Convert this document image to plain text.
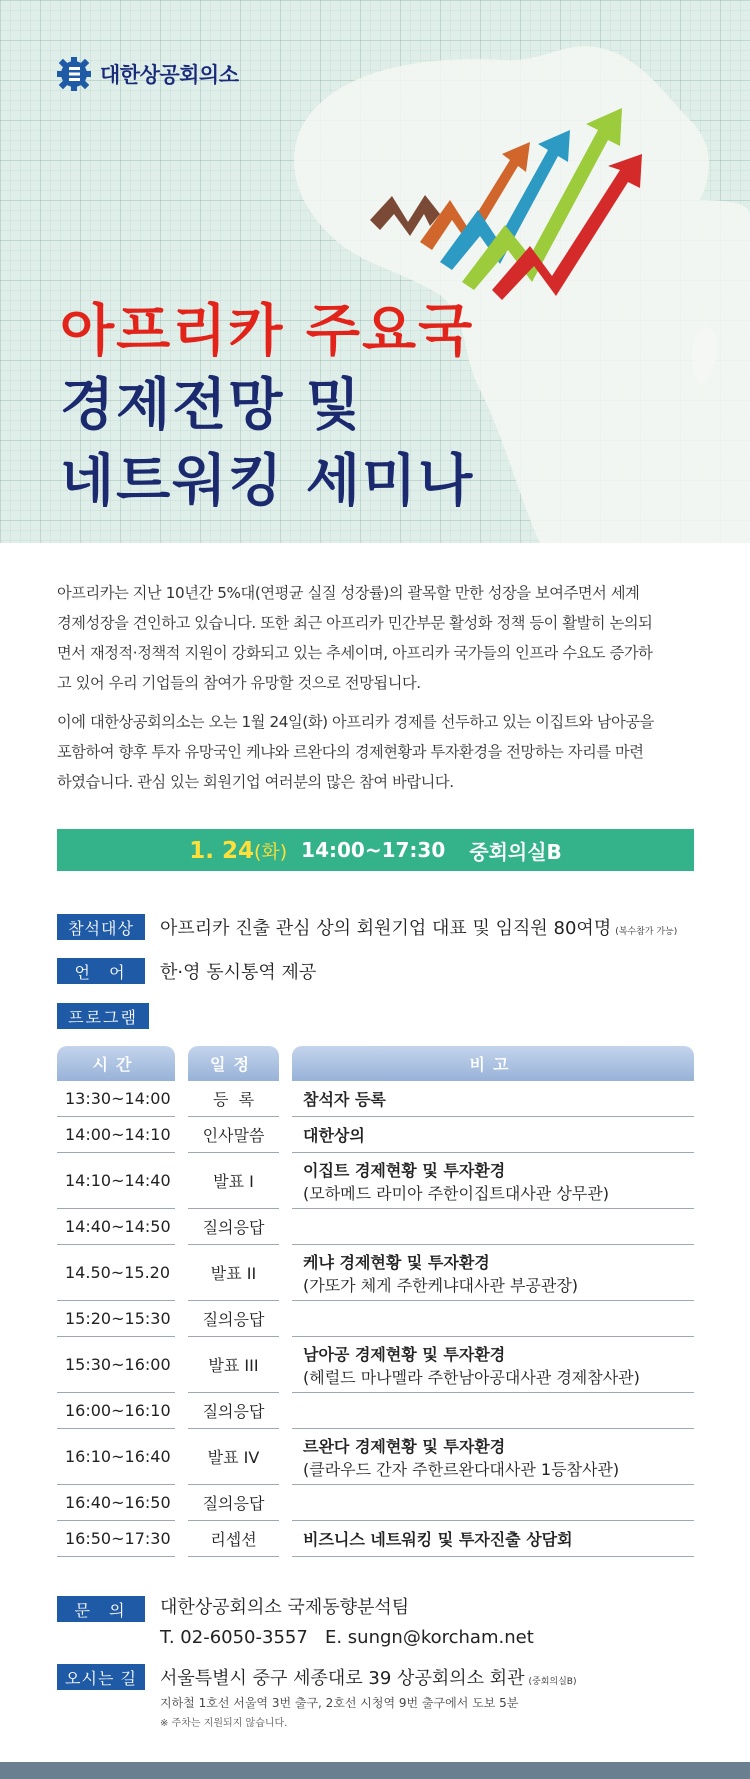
대한상공회의소
아프리카 주요국
경제전망 및
네트워킹 세미나

아프리카는 지난 10년간 5%대(연평균 실질 성장률)의 괄목할 만한 성장을 보여주면서 세계
경제성장을 견인하고 있습니다. 또한 최근 아프리카 민간부문 활성화 정책 등이 활발히 논의되
면서 재정적·정책적 지원이 강화되고 있는 추세이며, 아프리카 국가들의 인프라 수요도 증가하
고 있어 우리 기업들의 참여가 유망할 것으로 전망됩니다.

이에 대한상공회의소는 오는 1월 24일(화) 아프리카 경제를 선두하고 있는 이집트와 남아공을
포함하여 향후 투자 유망국인 케냐와 르완다의 경제현황과 투자환경을 전망하는 자리를 마련
하였습니다. 관심 있는 회원기업 여러분의 많은 참여 바랍니다.

1. 24(화) 14:00~17:30 중회의실B
참석대상	아프리카 진출 관심 상의 회원기업 대표 및 임직원 80여명 (복수참가 가능)
언  어	한·영 동시통역 제공
프로그램
시간		일정		비고
13:30~14:00		등  록		참석자 등록
14:00~14:10		인사말씀		대한상의
14:10~14:40		발표 I		이집트 경제현황 및 투자환경
(모하메드 라미아 주한이집트대사관 상무관)
14:40~14:50		질의응답		
14.50~15.20		발표 II		케냐 경제현황 및 투자환경
(가또가 체게 주한케냐대사관 부공관장)
15:20~15:30		질의응답		
15:30~16:00		발표 III		남아공 경제현황 및 투자환경
(헤럴드 마나멜라 주한남아공대사관 경제참사관)
16:00~16:10		질의응답		
16:10~16:40		발표 IV		르완다 경제현황 및 투자환경
(클라우드 간자 주한르완다대사관 1등참사관)
16:40~16:50		질의응답		
16:50~17:30		리셉션		비즈니스 네트워킹 및 투자진출 상담회
문  의	대한상공회의소 국제동향분석팀
T. 02-6050-3557   E. sungn@korcham.net
오시는 길	서울특별시 중구 세종대로 39 상공회의소 회관 (중회의실B)
지하철 1호선 서울역 3번 출구, 2호선 시청역 9번 출구에서 도보 5분
※ 주차는 지원되지 않습니다.
